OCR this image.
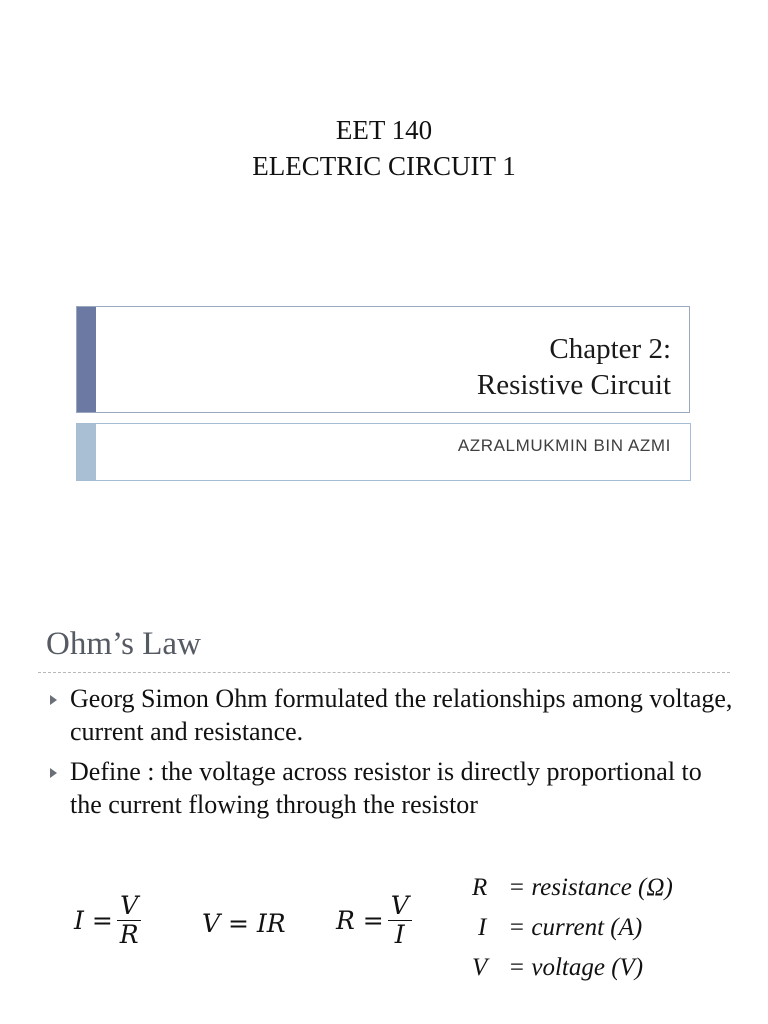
EET 140
ELECTRIC CIRCUIT 1
Chapter 2:
Resistive Circuit
AZRALMUKMIN BIN AZMI
Ohm’s Law
Georg Simon Ohm formulated the relationships among voltage, current and resistance.
Define : the voltage across resistor is directly proportional to the current flowing through the resistor
$I = \frac{V}{R}$ V = IR $R = \frac{V}{I}$
R = resistance (Ω)
I = current (A)
V = voltage (V)
